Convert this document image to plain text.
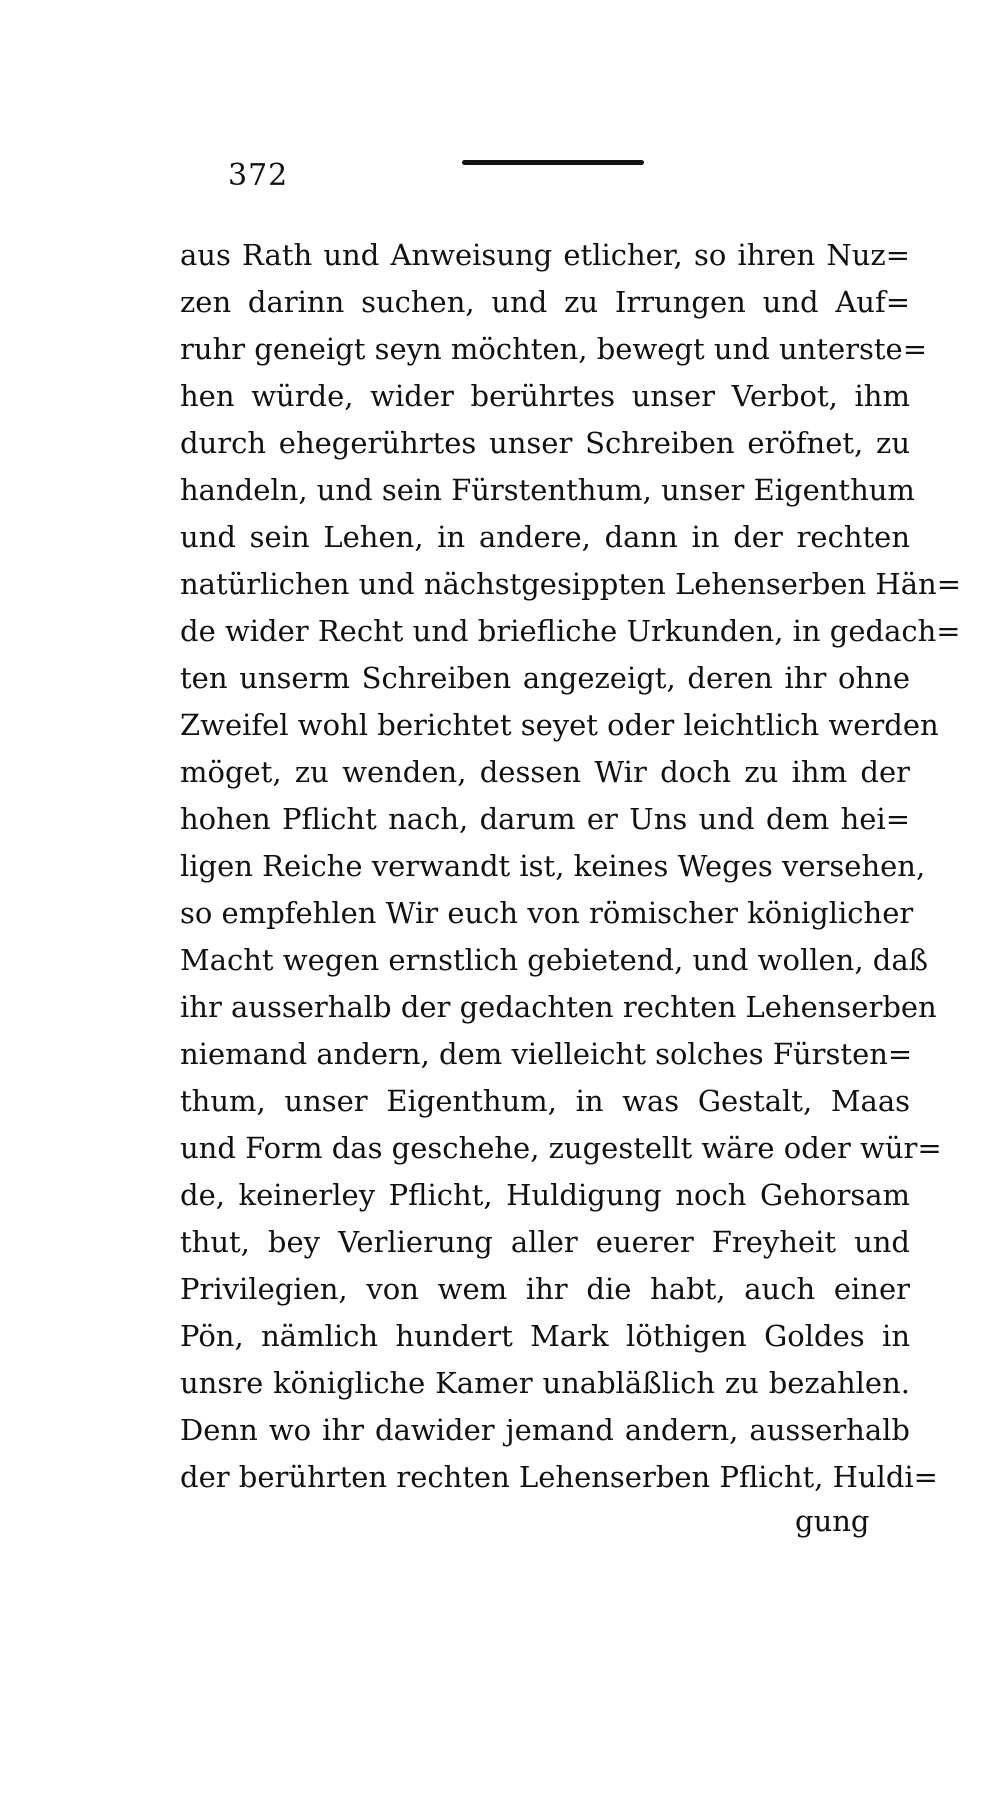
372
aus Rath und Anweisung etlicher, so ihren Nuz=
zen darinn suchen, und zu Irrungen und Auf=
ruhr geneigt seyn möchten, bewegt und unterste=
hen würde, wider berührtes unser Verbot, ihm
durch ehegerührtes unser Schreiben eröfnet, zu
handeln, und sein Fürstenthum, unser Eigenthum
und sein Lehen, in andere, dann in der rechten
natürlichen und nächstgesippten Lehenserben Hän=
de wider Recht und briefliche Urkunden, in gedach=
ten unserm Schreiben angezeigt, deren ihr ohne
Zweifel wohl berichtet seyet oder leichtlich werden
möget, zu wenden, dessen Wir doch zu ihm der
hohen Pflicht nach, darum er Uns und dem hei=
ligen Reiche verwandt ist, keines Weges versehen,
so empfehlen Wir euch von römischer königlicher
Macht wegen ernstlich gebietend, und wollen, daß
ihr ausserhalb der gedachten rechten Lehenserben
niemand andern, dem vielleicht solches Fürsten=
thum, unser Eigenthum, in was Gestalt, Maas
und Form das geschehe, zugestellt wäre oder wür=
de, keinerley Pflicht, Huldigung noch Gehorsam
thut, bey Verlierung aller euerer Freyheit und
Privilegien, von wem ihr die habt, auch einer
Pön, nämlich hundert Mark löthigen Goldes in
unsre königliche Kamer unabläßlich zu bezahlen.
Denn wo ihr dawider jemand andern, ausserhalb
der berührten rechten Lehenserben Pflicht, Huldi=
gung
